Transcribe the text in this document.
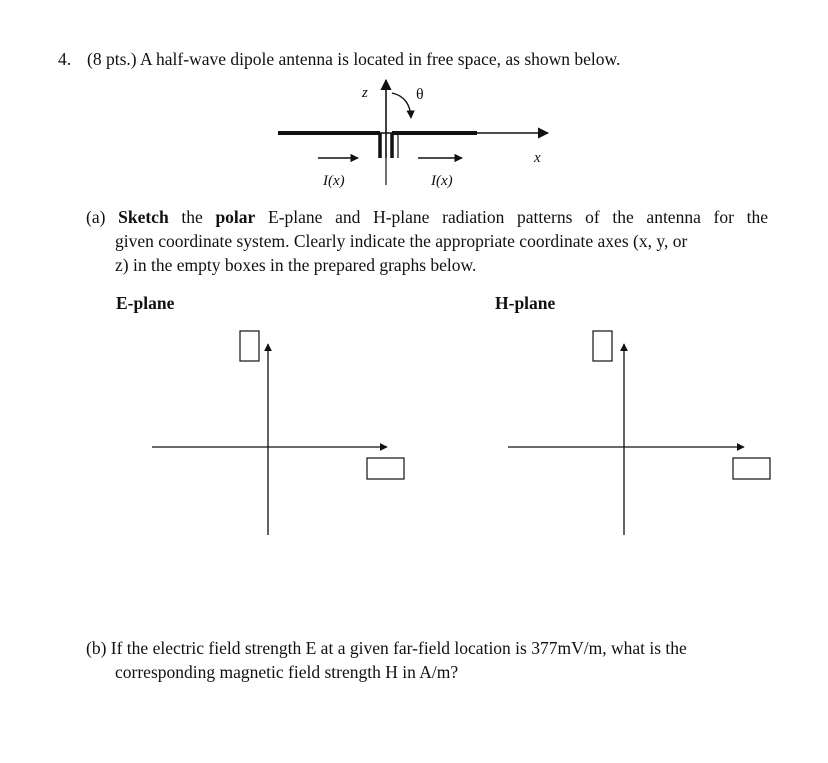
4. (8 pts.) A half-wave dipole antenna is located in free space, as shown below.
z	θ
x
I(x)	I(x)
(a) Sketch the polar E-plane and H-plane radiation patterns of the antenna for the
given coordinate system. Clearly indicate the appropriate coordinate axes (x, y, or
z) in the empty boxes in the prepared graphs below.
E-plane	H-plane
(b) If the electric field strength E at a given far-field location is 377mV/m, what is the
corresponding magnetic field strength H in A/m?
